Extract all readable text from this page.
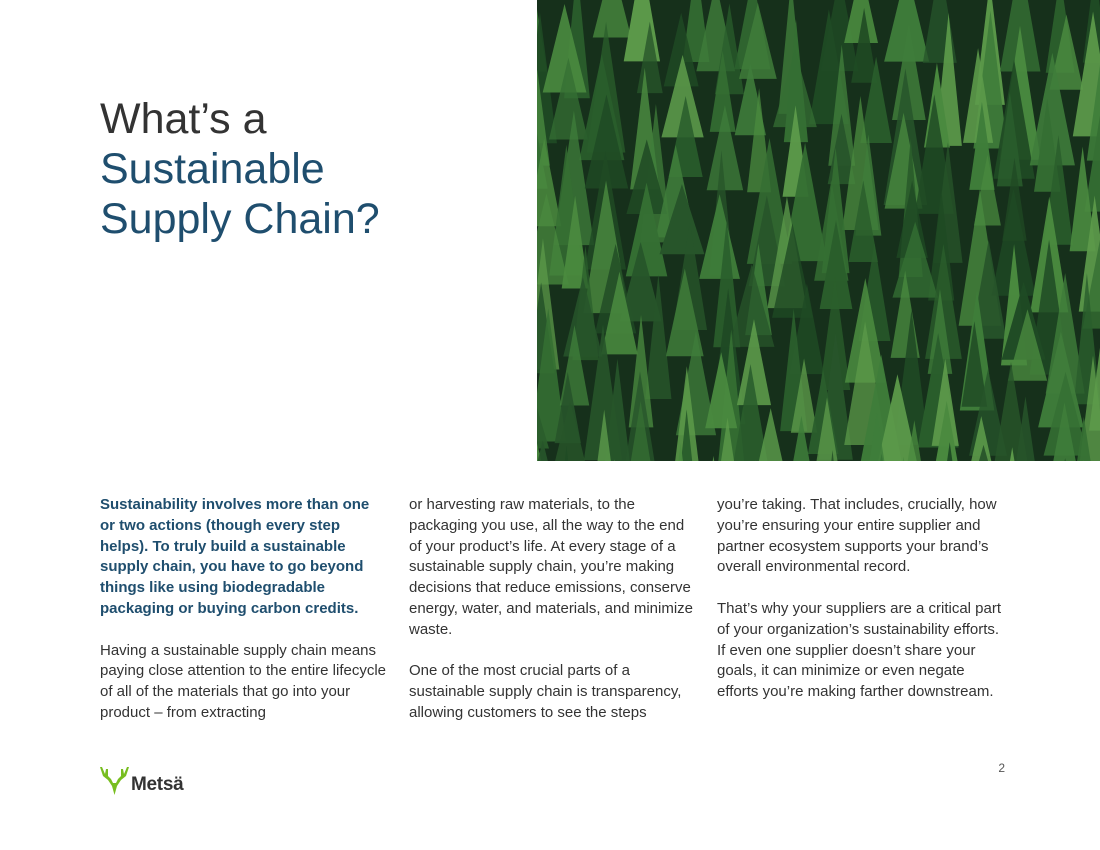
What’s a
Sustainable
Supply Chain?

Sustainability involves more than one or two actions (though every step helps). To truly build a sustainable supply chain, you have to go beyond things like using biodegradable packaging or buying carbon credits.

Having a sustainable supply chain means paying close attention to the entire lifecycle of all of the materials that go into your product – from extracting

or harvesting raw materials, to the packaging you use, all the way to the end of your product’s life. At every stage of a sustainable supply chain, you’re making decisions that reduce emissions, conserve energy, water, and materials, and minimize waste.

One of the most crucial parts of a sustainable supply chain is transparency, allowing customers to see the steps

you’re taking. That includes, crucially, how you’re ensuring your entire supplier and partner ecosystem supports your brand’s overall environmental record.

That’s why your suppliers are a critical part of your organization’s sustainability efforts. If even one supplier doesn’t share your goals, it can minimize or even negate efforts you’re making farther downstream.

Metsä
2
